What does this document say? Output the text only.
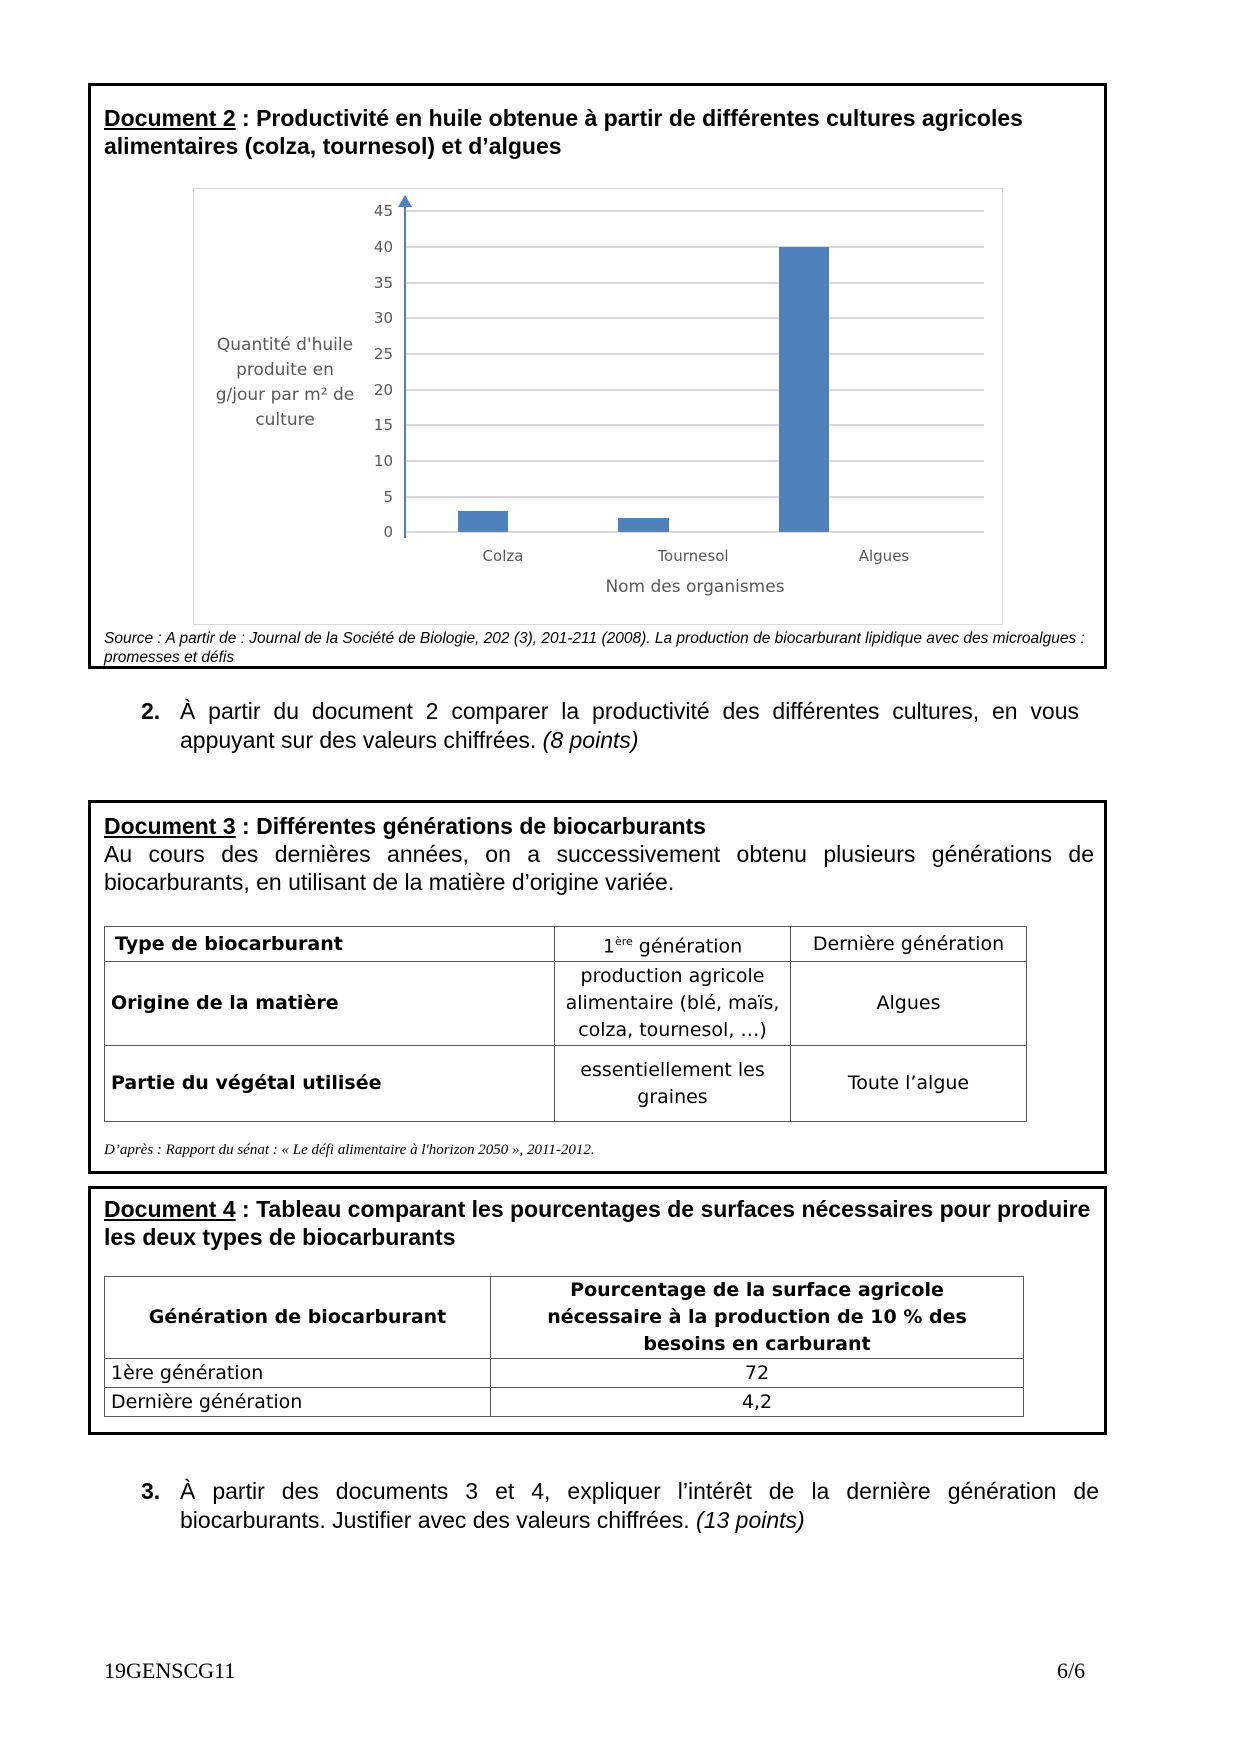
Document 2 : Productivité en huile obtenue à partir de différentes cultures agricoles alimentaires (colza, tournesol) et d’algues
Quantité d'huile
produite en
g/jour par m² de
culture
45
40
35
30
25
20
15
10
5
0
Colza	Tournesol	Algues
Nom des organismes
Source : A partir de : Journal de la Société de Biologie, 202 (3), 201-211 (2008). La production de biocarburant lipidique avec des microalgues : promesses et défis
2. À partir du document 2 comparer la productivité des différentes cultures, en vous appuyant sur des valeurs chiffrées. (8 points)
Document 3 : Différentes générations de biocarburants
Au cours des dernières années, on a successivement obtenu plusieurs générations de biocarburants, en utilisant de la matière d’origine variée.
Type de biocarburant	1ère génération	Dernière génération
Origine de la matière	production agricole alimentaire (blé, maïs, colza, tournesol, …)	Algues
Partie du végétal utilisée	essentiellement les graines	Toute l’algue
D’après : Rapport du sénat : « Le défi alimentaire à l'horizon 2050 », 2011-2012.
Document 4 : Tableau comparant les pourcentages de surfaces nécessaires pour produire les deux types de biocarburants
Génération de biocarburant	Pourcentage de la surface agricole nécessaire à la production de 10 % des besoins en carburant
1ère génération	72
Dernière génération	4,2
3. À partir des documents 3 et 4, expliquer l’intérêt de la dernière génération de biocarburants. Justifier avec des valeurs chiffrées. (13 points)
19GENSCG11	6/6
